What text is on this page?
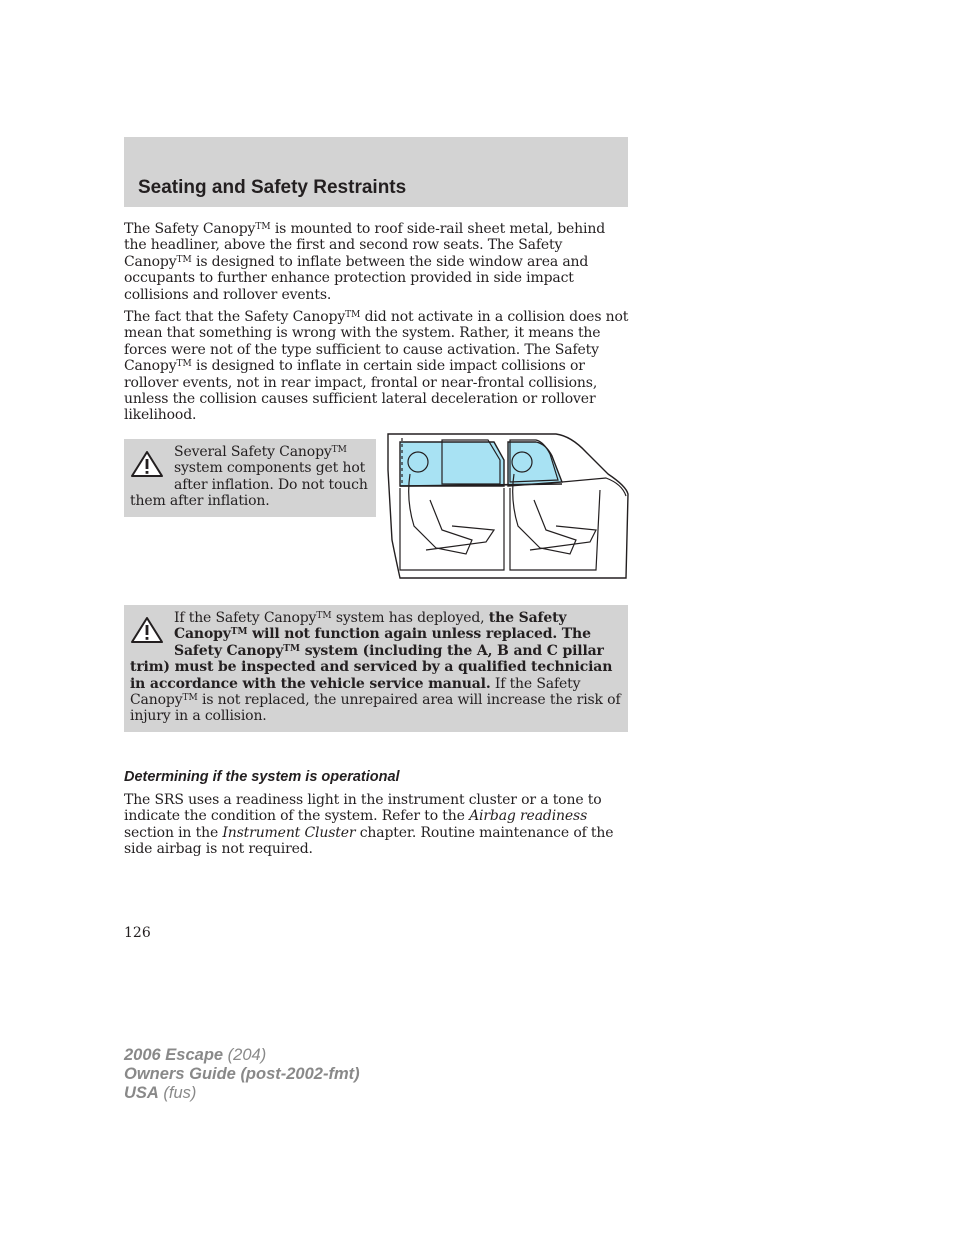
Seating and Safety Restraints

The Safety Canopy™ is mounted to roof side-rail sheet metal, behind the headliner, above the first and second row seats. The Safety Canopy™ is designed to inflate between the side window area and occupants to further enhance protection provided in side impact collisions and rollover events.

The fact that the Safety Canopy™ did not activate in a collision does not mean that something is wrong with the system. Rather, it means the forces were not of the type sufficient to cause activation. The Safety Canopy™ is designed to inflate in certain side impact collisions or rollover events, not in rear impact, frontal or near-frontal collisions, unless the collision causes sufficient lateral deceleration or rollover likelihood.

Several Safety Canopy™ system components get hot after inflation. Do not touch them after inflation.
If the Safety Canopy™ system has deployed, the Safety Canopy™ will not function again unless replaced. The Safety Canopy™ system (including the A, B and C pillar trim) must be inspected and serviced by a qualified technician in accordance with the vehicle service manual. If the Safety Canopy™ is not replaced, the unrepaired area will increase the risk of injury in a collision.
Determining if the system is operational

The SRS uses a readiness light in the instrument cluster or a tone to indicate the condition of the system. Refer to the Airbag readiness section in the Instrument Cluster chapter. Routine maintenance of the side airbag is not required.

126

2006 Escape (204)
Owners Guide (post-2002-fmt)
USA (fus)
